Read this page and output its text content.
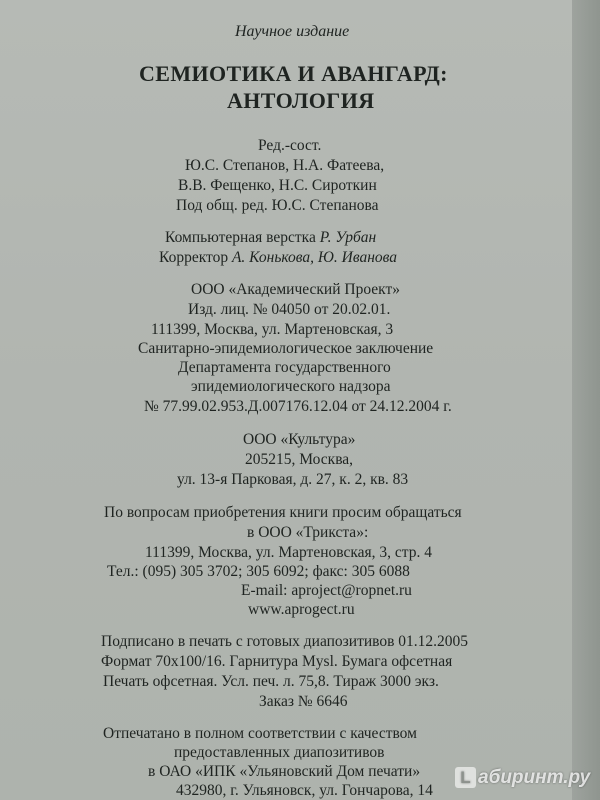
Научное издание
СЕМИОТИКА И АВАНГАРД:
АНТОЛОГИЯ
Ред.-сост.
Ю.С. Степанов, Н.А. Фатеева,
В.В. Фещенко, Н.С. Сироткин
Под общ. ред. Ю.С. Степанова
Компьютерная верстка Р. Урбан
Корректор А. Конькова, Ю. Иванова
ООО «Академический Проект»
Изд. лиц. № 04050 от 20.02.01.
111399, Москва, ул. Мартеновская, 3
Санитарно-эпидемиологическое заключение
Департамента государственного
эпидемиологического надзора
№ 77.99.02.953.Д.007176.12.04 от 24.12.2004 г.
ООО «Культура»
205215, Москва,
ул. 13-я Парковая, д. 27, к. 2, кв. 83
По вопросам приобретения книги просим обращаться
в ООО «Трикста»:
111399, Москва, ул. Мартеновская, 3, стр. 4
Тел.: (095) 305 3702; 305 6092; факс: 305 6088
E-mail: aproject@ropnet.ru
www.aprogect.ru
Подписано в печать с готовых диапозитивов 01.12.2005
Формат 70x100/16. Гарнитура Mysl. Бумага офсетная
Печать офсетная. Усл. печ. л. 75,8. Тираж 3000 экз.
Заказ № 6646
Отпечатано в полном соответствии с качеством
предоставленных диапозитивов
в ОАО «ИПК «Ульяновский Дом печати»
432980, г. Ульяновск, ул. Гончарова, 14
L абиринт.ру
